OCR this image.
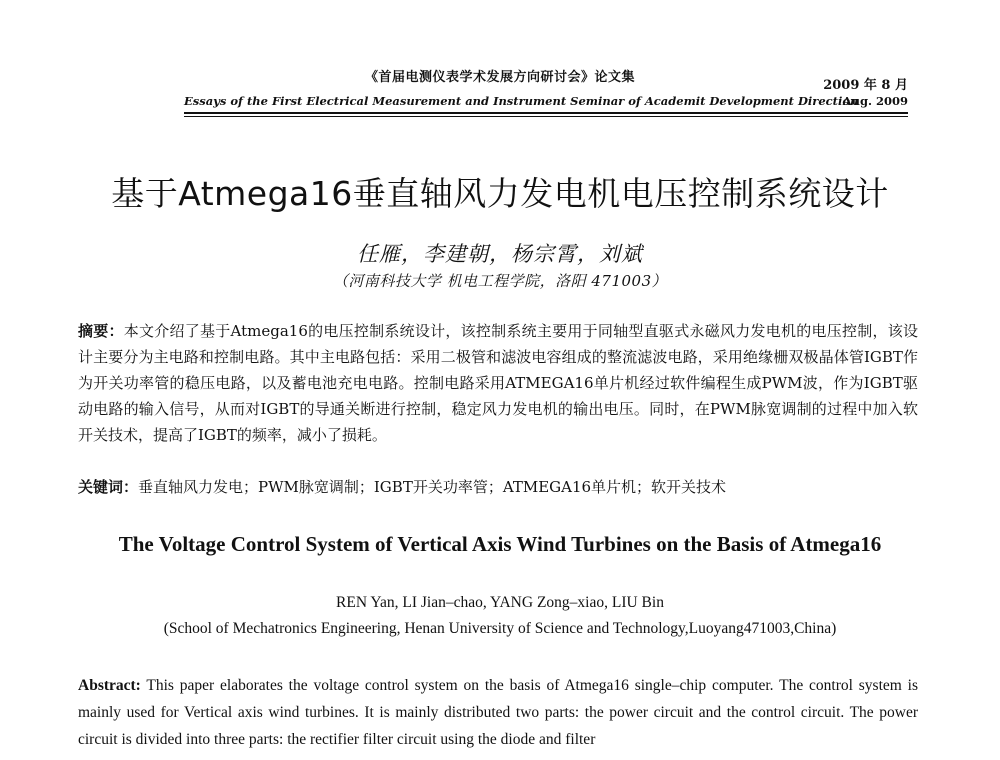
《首届电测仪表学术发展方向研讨会》论文集
2009 年 8 月
Essays of the First Electrical Measurement and Instrument Seminar of Academit Development Direction
Aug. 2009
基于Atmega16垂直轴风力发电机电压控制系统设计
任雁，李建朝，杨宗霄，刘斌
（河南科技大学 机电工程学院，洛阳 471003）
摘要：本文介绍了基于Atmega16的电压控制系统设计，该控制系统主要用于同轴型直驱式永磁风力发电机的电压控制，该设计主要分为主电路和控制电路。其中主电路包括：采用二极管和滤波电容组成的整流滤波电路，采用绝缘栅双极晶体管IGBT作为开关功率管的稳压电路，以及蓄电池充电电路。控制电路采用ATMEGA16单片机经过软件编程生成PWM波，作为IGBT驱动电路的输入信号，从而对IGBT的导通关断进行控制，稳定风力发电机的输出电压。同时，在PWM脉宽调制的过程中加入软开关技术，提高了IGBT的频率，减小了损耗。
关键词：垂直轴风力发电；PWM脉宽调制；IGBT开关功率管；ATMEGA16单片机；软开关技术
The Voltage Control System of Vertical Axis Wind Turbines on the Basis of Atmega16
REN Yan, LI Jian–chao, YANG Zong–xiao, LIU Bin
(School of Mechatronics Engineering, Henan University of Science and Technology,Luoyang471003,China)
Abstract: This paper elaborates the voltage control system on the basis of Atmega16 single–chip computer. The control system is mainly used for Vertical axis wind turbines. It is mainly distributed two parts: the power circuit and the control circuit. The power circuit is divided into three parts: the rectifier filter circuit using the diode and filter
